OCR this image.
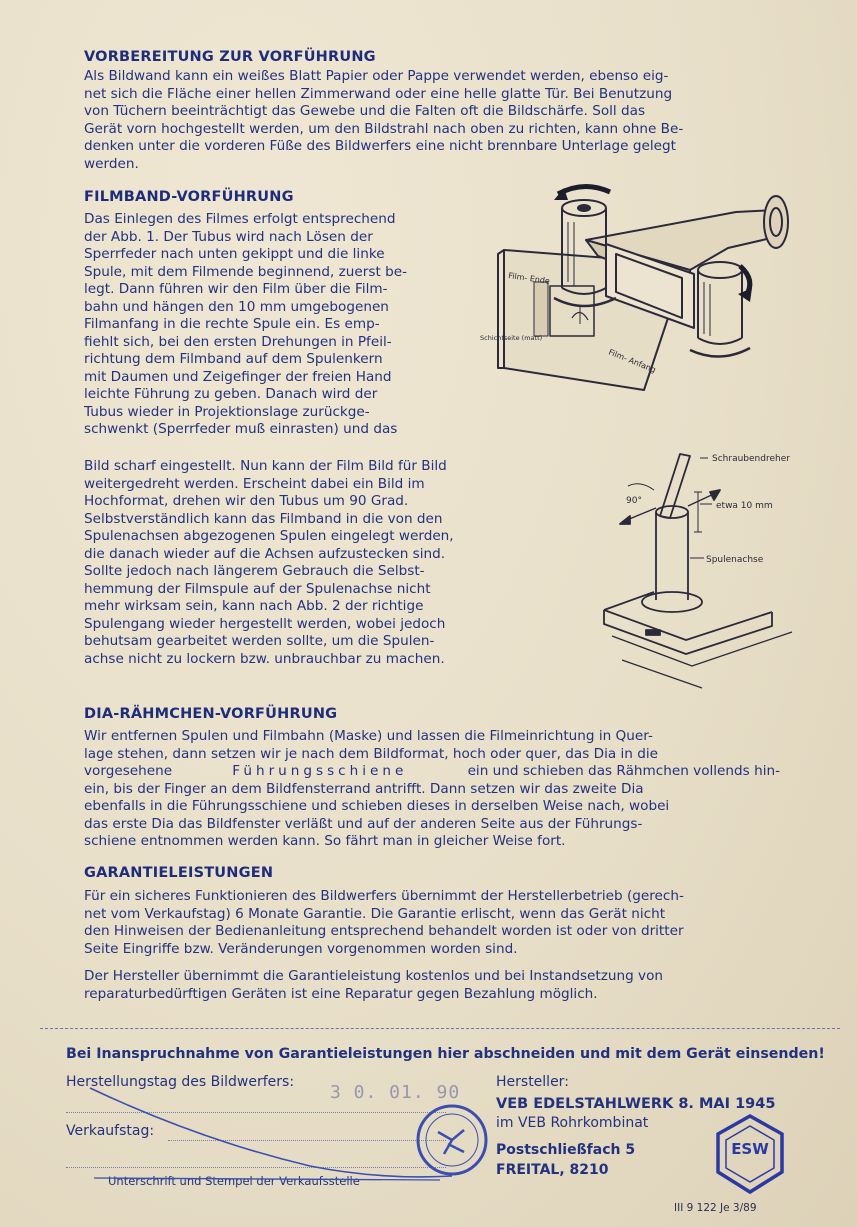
VORBEREITUNG ZUR VORFÜHRUNG
Als Bildwand kann ein weißes Blatt Papier oder Pappe verwendet werden, ebenso eig-
net sich die Fläche einer hellen Zimmerwand oder eine helle glatte Tür. Bei Benutzung
von Tüchern beeinträchtigt das Gewebe und die Falten oft die Bildschärfe. Soll das
Gerät vorn hochgestellt werden, um den Bildstrahl nach oben zu richten, kann ohne Be-
denken unter die vorderen Füße des Bildwerfers eine nicht brennbare Unterlage gelegt
werden.
FILMBAND-VORFÜHRUNG
Das Einlegen des Filmes erfolgt entsprechend
der Abb. 1. Der Tubus wird nach Lösen der
Sperrfeder nach unten gekippt und die linke
Spule, mit dem Filmende beginnend, zuerst be-
legt. Dann führen wir den Film über die Film-
bahn und hängen den 10 mm umgebogenen
Filmanfang in die rechte Spule ein. Es emp-
fiehlt sich, bei den ersten Drehungen in Pfeil-
richtung dem Filmband auf dem Spulenkern
mit Daumen und Zeigefinger der freien Hand
leichte Führung zu geben. Danach wird der
Tubus wieder in Projektionslage zurückge-
schwenkt (Sperrfeder muß einrasten) und das
Bild scharf eingestellt. Nun kann der Film Bild für Bild
weitergedreht werden. Erscheint dabei ein Bild im
Hochformat, drehen wir den Tubus um 90 Grad.
Selbstverständlich kann das Filmband in die von den
Spulenachsen abgezogenen Spulen eingelegt werden,
die danach wieder auf die Achsen aufzustecken sind.
Sollte jedoch nach längerem Gebrauch die Selbst-
hemmung der Filmspule auf der Spulenachse nicht
mehr wirksam sein, kann nach Abb. 2 der richtige
Spulengang wieder hergestellt werden, wobei jedoch
behutsam gearbeitet werden sollte, um die Spulen-
achse nicht zu lockern bzw. unbrauchbar zu machen.
Film- Ende
Schichtseite (matt)
Film- Anfang
Schraubendreher
90°	etwa 10 mm
Spulenachse
DIA-RÄHMCHEN-VORFÜHRUNG
Wir entfernen Spulen und Filmbahn (Maske) und lassen die Filmeinrichtung in Quer-
lage stehen, dann setzen wir je nach dem Bildformat, hoch oder quer, das Dia in die
vorgesehene	Führungsschiene	ein und schieben das Rähmchen vollends hin-
ein, bis der Finger an dem Bildfensterrand antrifft. Dann setzen wir das zweite Dia
ebenfalls in die Führungsschiene und schieben dieses in derselben Weise nach, wobei
das erste Dia das Bildfenster verläßt und auf der anderen Seite aus der Führungs-
schiene entnommen werden kann. So fährt man in gleicher Weise fort.
GARANTIELEISTUNGEN
Für ein sicheres Funktionieren des Bildwerfers übernimmt der Herstellerbetrieb (gerech-
net vom Verkaufstag) 6 Monate Garantie. Die Garantie erlischt, wenn das Gerät nicht
den Hinweisen der Bedienanleitung entsprechend behandelt worden ist oder von dritter
Seite Eingriffe bzw. Veränderungen vorgenommen worden sind.
Der Hersteller übernimmt die Garantieleistung kostenlos und bei Instandsetzung von
reparaturbedürftigen Geräten ist eine Reparatur gegen Bezahlung möglich.
Bei Inanspruchnahme von Garantieleistungen hier abschneiden und mit dem Gerät einsenden!
Herstellungstag des Bildwerfers: 3 0. 01. 90
Verkaufstag:
Unterschrift und Stempel der Verkaufsstelle
Hersteller:
VEB EDELSTAHLWERK 8. MAI 1945
im VEB Rohrkombinat
Postschließfach 5
FREITAL, 8210
ESW
III 9 122 Je 3/89
